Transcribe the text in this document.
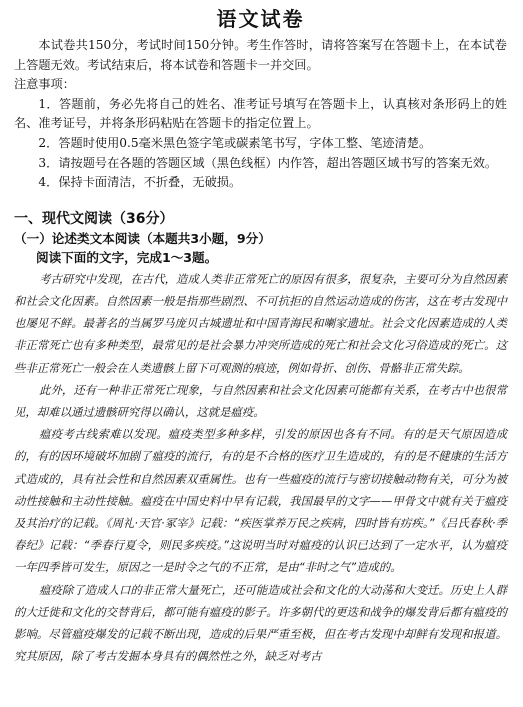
语文试卷

本试卷共150分，考试时间150分钟。考生作答时，请将答案写在答题卡上，在本试卷上答题无效。考试结束后，将本试卷和答题卡一并交回。

注意事项：

1．答题前，务必先将自己的姓名、准考证号填写在答题卡上，认真核对条形码上的姓名、准考证号，并将条形码粘贴在答题卡的指定位置上。

2．答题时使用0.5毫米黑色签字笔或碳素笔书写，字体工整、笔迹清楚。

3．请按题号在各题的答题区域（黑色线框）内作答，超出答题区域书写的答案无效。

4．保持卡面清洁，不折叠，无破损。

一、现代文阅读（36分）
（一）论述类文本阅读（本题共3小题，9分）

阅读下面的文字，完成1～3题。

考古研究中发现，在古代，造成人类非正常死亡的原因有很多，很复杂，主要可分为自然因素和社会文化因素。自然因素一般是指那些剧烈、不可抗拒的自然运动造成的伤害，这在考古发现中也屡见不鲜。最著名的当属罗马庞贝古城遗址和中国青海民和喇家遗址。社会文化因素造成的人类非正常死亡也有多种类型，最常见的是社会暴力冲突所造成的死亡和社会文化习俗造成的死亡。这些非正常死亡一般会在人类遗骸上留下可观测的痕迹，例如骨折、创伤、骨骼非正常失踪。

此外，还有一种非正常死亡现象，与自然因素和社会文化因素可能都有关系，在考古中也很常见，却难以通过遗骸研究得以确认，这就是瘟疫。

瘟疫考古线索难以发现。瘟疫类型多种多样，引发的原因也各有不同。有的是天气原因造成的，有的因环境破坏加剧了瘟疫的流行，有的是不合格的医疗卫生造成的，有的是不健康的生活方式造成的，具有社会性和自然因素双重属性。也有一些瘟疫的流行与密切接触动物有关，可分为被动性接触和主动性接触。瘟疫在中国史料中早有记载，我国最早的文字——甲骨文中就有关于瘟疫及其治疗的记载。《周礼·天官·冢宰》记载：“疾医掌养万民之疾病，四时皆有疠疾。”《吕氏春秋·季春纪》记载：“季春行夏令，则民多疾疫。”这说明当时对瘟疫的认识已达到了一定水平，认为瘟疫一年四季皆可发生，原因之一是时令之气的不正常，是由“非时之气”造成的。

瘟疫除了造成人口的非正常大量死亡，还可能造成社会和文化的大动荡和大变迁。历史上人群的大迁徙和文化的交替背后，都可能有瘟疫的影子。许多朝代的更迭和战争的爆发背后都有瘟疫的影响。尽管瘟疫爆发的记载不断出现，造成的后果严重至极，但在考古发现中却鲜有发现和报道。究其原因，除了考古发掘本身具有的偶然性之外，缺乏对考古
